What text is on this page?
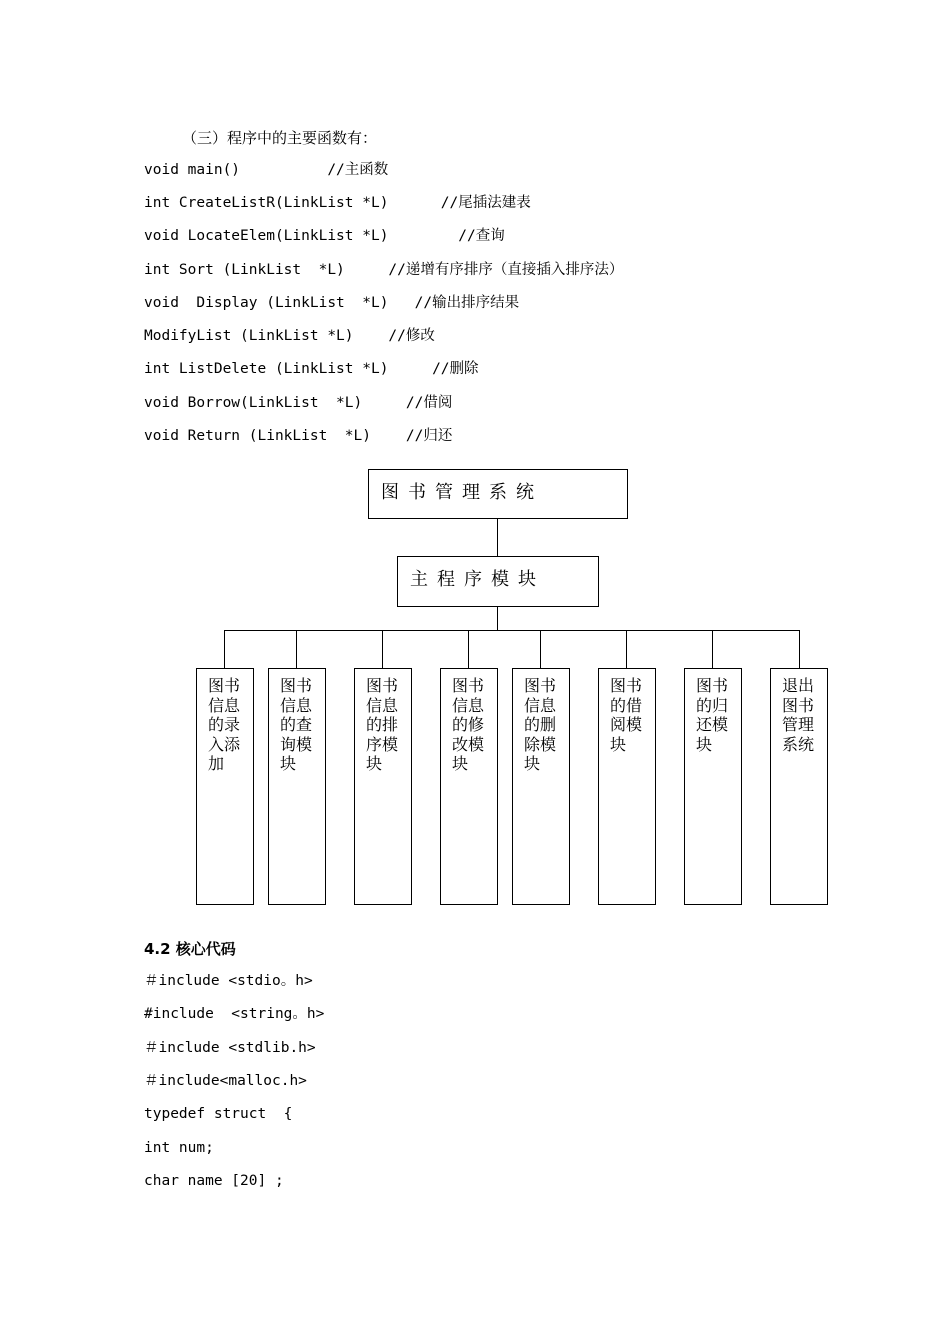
（三）程序中的主要函数有：
void main()          //主函数
int CreateListR(LinkList *L)      //尾插法建表
void LocateElem(LinkList *L)        //查询
int Sort (LinkList  *L)     //递增有序排序（直接插入排序法）
void  Display (LinkList  *L)   //输出排序结果
ModifyList (LinkList *L)    //修改
int ListDelete (LinkList *L)     //删除
void Borrow(LinkList  *L)     //借阅
void Return (LinkList  *L)    //归还
图书管理系统
主程序模块
图书信息的录入添加
图书信息的查询模块
图书信息的排序模块
图书信息的修改模块
图书信息的删除模块
图书的借阅模块
图书的归还模块
退出图书管理系统
4.2 核心代码
＃include <stdio。h>
#include  <string。h>
＃include <stdlib.h>
＃include<malloc.h>
typedef struct  {
int num;
char name [20] ;
